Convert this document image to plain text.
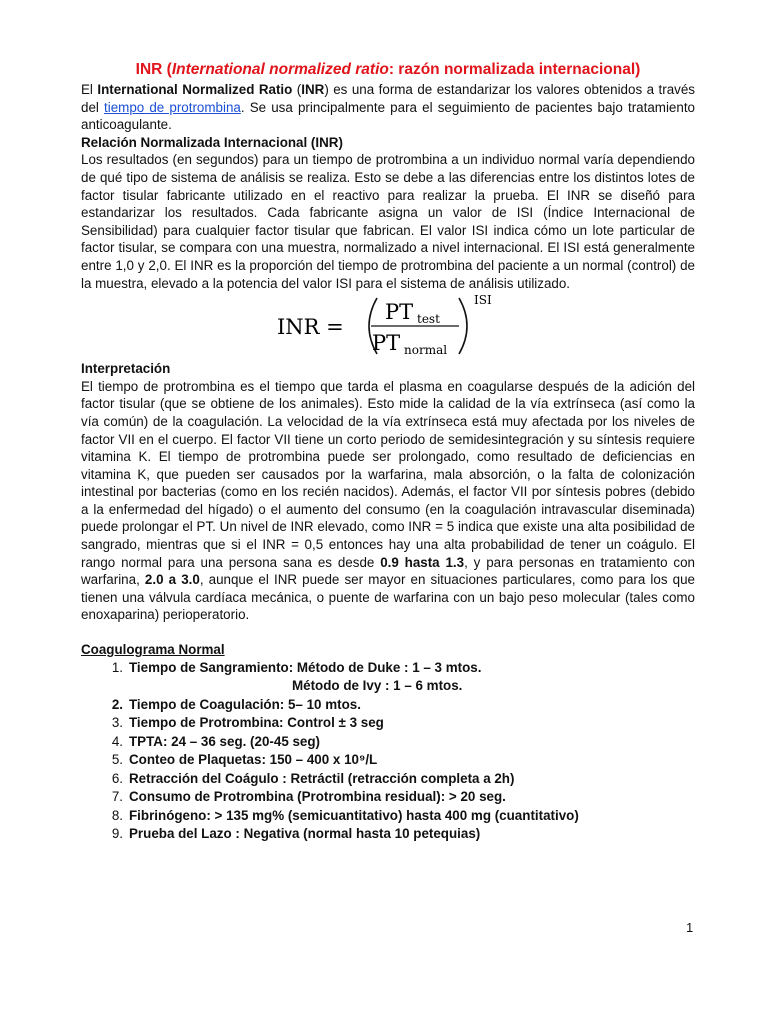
INR (International normalized ratio: razón normalizada internacional)

El International Normalized Ratio (INR) es una forma de estandarizar los valores obtenidos a través del tiempo de protrombina. Se usa principalmente para el seguimiento de pacientes bajo tratamiento anticoagulante.

Relación Normalizada Internacional (INR)

Los resultados (en segundos) para un tiempo de protrombina a un individuo normal varía dependiendo de qué tipo de sistema de análisis se realiza. Esto se debe a las diferencias entre los distintos lotes de factor tisular fabricante utilizado en el reactivo para realizar la prueba. El INR se diseñó para estandarizar los resultados. Cada fabricante asigna un valor de ISI (Índice Internacional de Sensibilidad) para cualquier factor tisular que fabrican. El valor ISI indica cómo un lote particular de factor tisular, se compara con una muestra, normalizado a nivel internacional. El ISI está generalmente entre 1,0 y 2,0. El INR es la proporción del tiempo de protrombina del paciente a un normal (control) de la muestra, elevado a la potencia del valor ISI para el sistema de análisis utilizado.

INR =
PT test
PT normal
ISI
Interpretación

El tiempo de protrombina es el tiempo que tarda el plasma en coagularse después de la adición del factor tisular (que se obtiene de los animales). Esto mide la calidad de la vía extrínseca (así como la vía común) de la coagulación. La velocidad de la vía extrínseca está muy afectada por los niveles de factor VII en el cuerpo. El factor VII tiene un corto periodo de semidesintegración y su síntesis requiere vitamina K. El tiempo de protrombina puede ser prolongado, como resultado de deficiencias en vitamina K, que pueden ser causados por la warfarina, mala absorción, o la falta de colonización intestinal por bacterias (como en los recién nacidos). Además, el factor VII por síntesis pobres (debido a la enfermedad del hígado) o el aumento del consumo (en la coagulación intravascular diseminada) puede prolongar el PT. Un nivel de INR elevado, como INR = 5 indica que existe una alta posibilidad de sangrado, mientras que si el INR = 0,5 entonces hay una alta probabilidad de tener un coágulo. El rango normal para una persona sana es desde 0.9 hasta 1.3, y para personas en tratamiento con warfarina, 2.0 a 3.0, aunque el INR puede ser mayor en situaciones particulares, como para los que tienen una válvula cardíaca mecánica, o puente de warfarina con un bajo peso molecular (tales como enoxaparina) perioperatorio.

Coagulograma Normal
1. Tiempo de Sangramiento: Método de Duke : 1 – 3 mtos.
Método de Ivy : 1 – 6 mtos.
2. Tiempo de Coagulación: 5– 10 mtos.
3. Tiempo de Protrombina: Control ± 3 seg
4. TPTA: 24 – 36 seg. (20-45 seg)
5. Conteo de Plaquetas: 150 – 400 x 10⁹/L
6. Retracción del Coágulo : Retráctil (retracción completa a 2h)
7. Consumo de Protrombina (Protrombina residual): > 20 seg.
8. Fibrinógeno: > 135 mg% (semicuantitativo) hasta 400 mg (cuantitativo)
9. Prueba del Lazo : Negativa (normal hasta 10 petequias)
1
